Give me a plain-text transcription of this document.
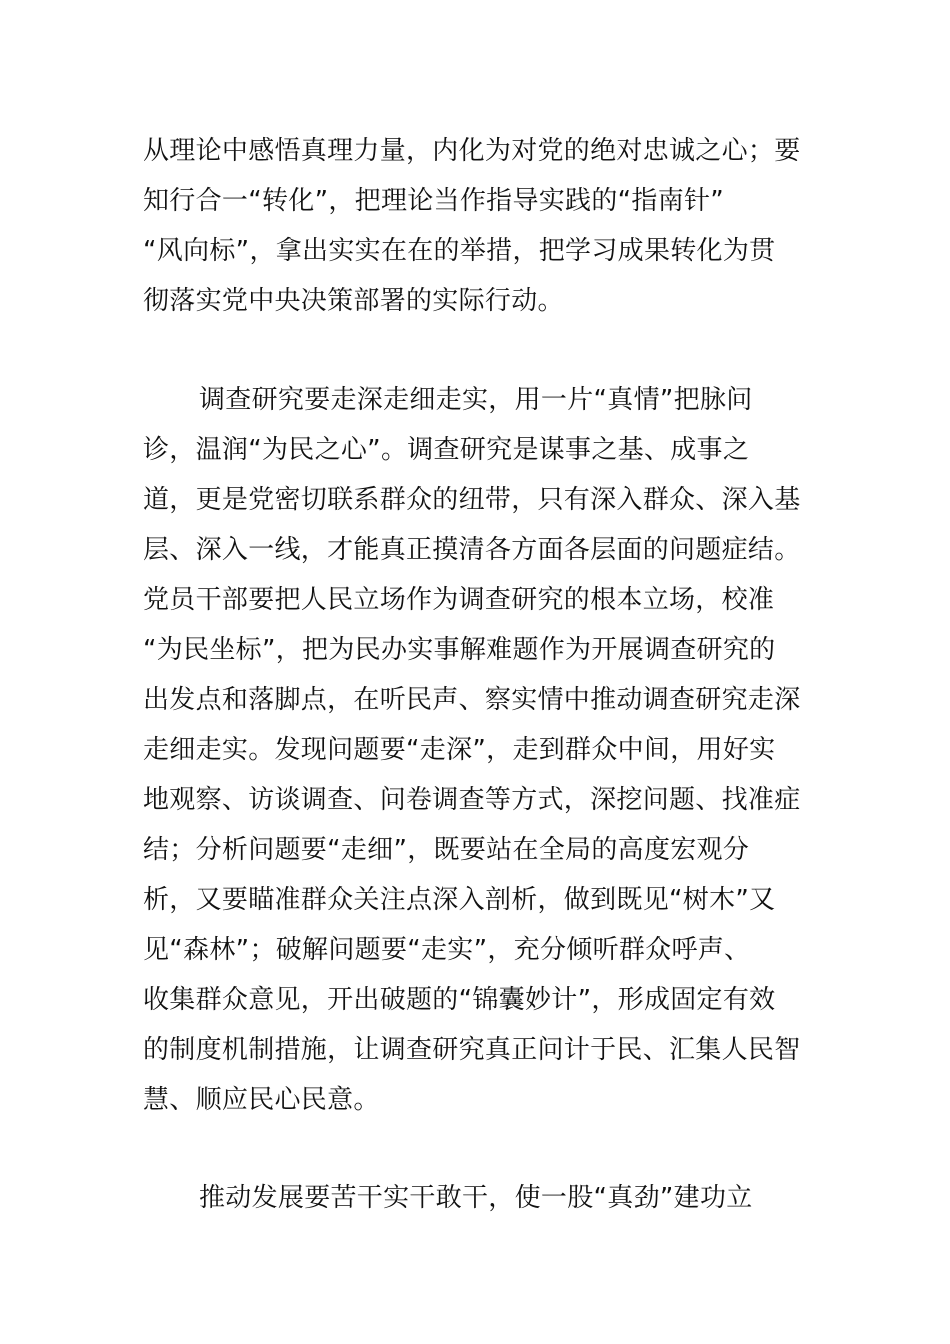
从理论中感悟真理力量，内化为对党的绝对忠诚之心；要
知行合一“转化”，把理论当作指导实践的“指南针”
“风向标”，拿出实实在在的举措，把学习成果转化为贯
彻落实党中央决策部署的实际行动。
调查研究要走深走细走实，用一片“真情”把脉问
诊，温润“为民之心”。调查研究是谋事之基、成事之
道，更是党密切联系群众的纽带，只有深入群众、深入基
层、深入一线，才能真正摸清各方面各层面的问题症结。
党员干部要把人民立场作为调查研究的根本立场，校准
“为民坐标”，把为民办实事解难题作为开展调查研究的
出发点和落脚点，在听民声、察实情中推动调查研究走深
走细走实。发现问题要“走深”，走到群众中间，用好实
地观察、访谈调查、问卷调查等方式，深挖问题、找准症
结；分析问题要“走细”，既要站在全局的高度宏观分
析，又要瞄准群众关注点深入剖析，做到既见“树木”又
见“森林”；破解问题要“走实”，充分倾听群众呼声、
收集群众意见，开出破题的“锦囊妙计”，形成固定有效
的制度机制措施，让调查研究真正问计于民、汇集人民智
慧、顺应民心民意。
推动发展要苦干实干敢干，使一股“真劲”建功立
